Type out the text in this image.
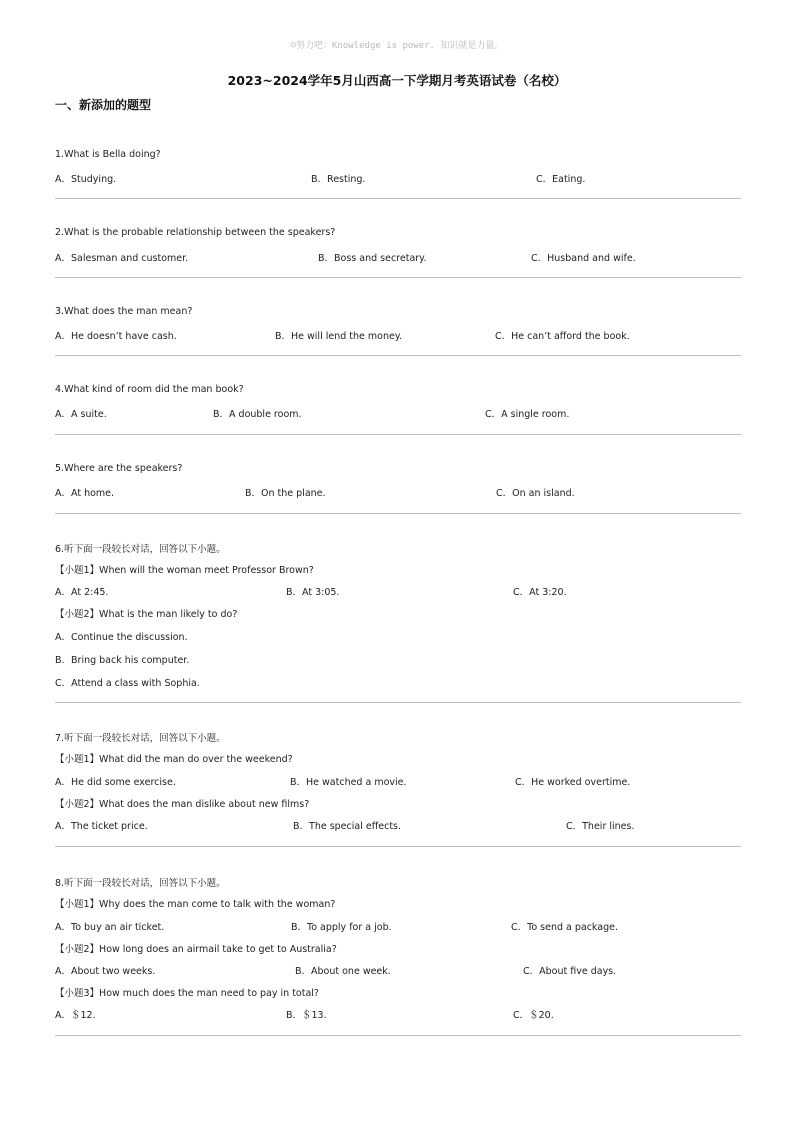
☺努力吧：Knowledge is power. 知识就是力量。
2023~2024学年5月山西高一下学期月考英语试卷（名校）
一、新添加的题型
1.What is Bella doing?
A．Studying.	B．Resting.	C．Eating.
2.What is the probable relationship between the speakers?
A．Salesman and customer.	B．Boss and secretary.	C．Husband and wife.
3.What does the man mean?
A．He doesn’t have cash.	B．He will lend the money.	C．He can’t afford the book.
4.What kind of room did the man book?
A．A suite.	B．A double room.	C．A single room.
5.Where are the speakers?
A．At home.	B．On the plane.	C．On an island.
6.听下面一段较长对话，回答以下小题。
【小题1】When will the woman meet Professor Brown?
A．At 2:45.	B．At 3:05.	C．At 3:20.
【小题2】What is the man likely to do?
A．Continue the discussion.
B．Bring back his computer.
C．Attend a class with Sophia.
7.听下面一段较长对话，回答以下小题。
【小题1】What did the man do over the weekend?
A．He did some exercise.	B．He watched a movie.	C．He worked overtime.
【小题2】What does the man dislike about new films?
A．The ticket price.	B．The special effects.	C．Their lines.
8.听下面一段较长对话，回答以下小题。
【小题1】Why does the man come to talk with the woman?
A．To buy an air ticket.	B．To apply for a job.	C．To send a package.
【小题2】How long does an airmail take to get to Australia?
A．About two weeks.	B．About one week.	C．About five days.
【小题3】How much does the man need to pay in total?
A．＄12.	B．＄13.	C．＄20.
